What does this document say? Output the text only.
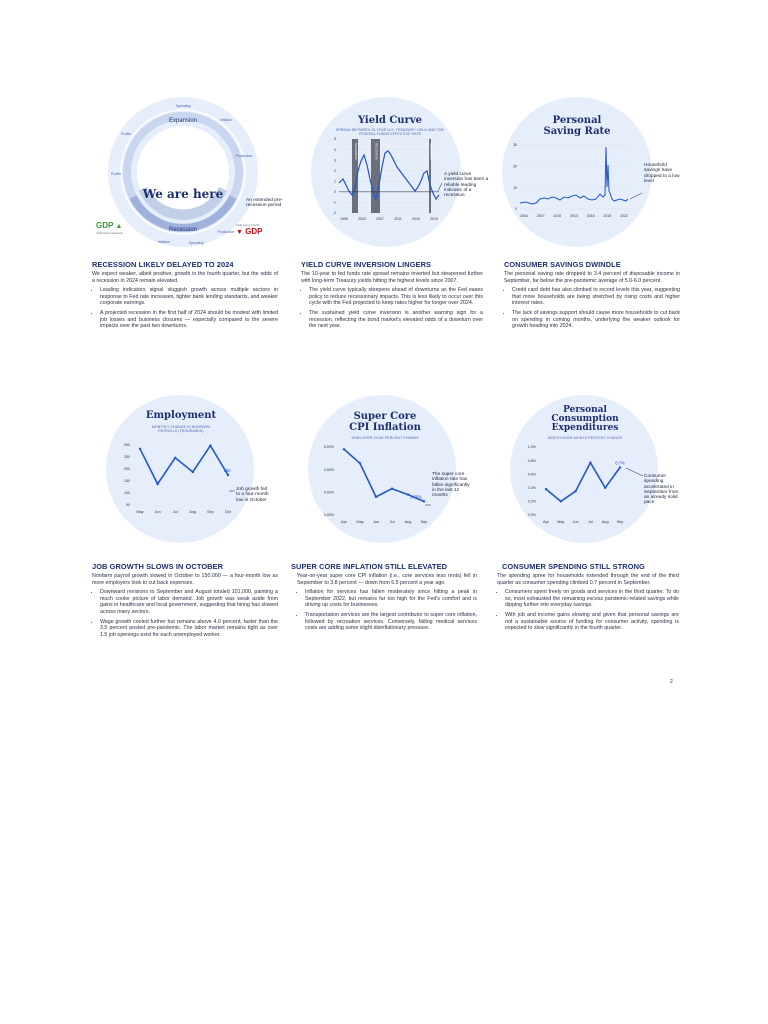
Expansion
Recession
Spending
Inflation
Production
Inflation	Spending
Production
Profits
Profits
We are here	An extended pre-recession period
GDP ▲
Yield Curve Steepens
Yield Curve Inverts
▼ GDP
Yield Curve
SPREAD BETWEEN 10-YEAR U.S. TREASURY YIELD AND THE FEDERAL FUNDS EFFECTIVE RATE
5
4
3
2
1
0
-1
-2
1999	2003	2007	2011	2015	2019
RECESSION	RECESSION	RECESSION
A yield curve inversion has been a reliable leading indicator of a recession
Personal
Saving Rate
35
20
10
0
2004	2007	2010	2013	2016	2019	2022
Household savings have dropped to a low level
RECESSION LIKELY DELAYED TO 2024

We expect weaker, albeit positive, growth in the fourth quarter, but the odds of a recession in 2024 remain elevated.

• Leading indicators signal sluggish growth across multiple sectors in response to Fed rate increases, tighter bank lending standards, and weaker corporate earnings.
• A projected recession in the first half of 2024 should be modest with limited job losses and business closures — especially compared to the severe impacts over the past two downturns.
YIELD CURVE INVERSION LINGERS

The 10-year to fed funds rate spread remains inverted but steepened further with long-term Treasury yields hitting the highest levels since 2007.

• The yield curve typically steepens ahead of downturns as the Fed eases policy to reduce recessionary impacts. This is less likely to occur over this cycle with the Fed projected to keep rates higher for longer over 2024.
• The sustained yield curve inversion is another warning sign for a recession, reflecting the bond market's elevated odds of a downturn over the next year.
CONSUMER SAVINGS DWINDLE

The personal saving rate dropped to 3.4 percent of disposable income in September, far below the pre-pandemic average of 5.0-6.0 percent.

• Credit card debt has also climbed to record levels this year, suggesting that more households are being stretched by rising costs and higher interest rates.
• The lack of savings support should cause more households to cut back on spending in coming months, underlying the weaker outlook for growth heading into 2024.
Employment
MONTHLY CHANGE IN NONFARM PAYROLLS (THOUSANDS)
300
250
200
150
100
50
May	Jun	Jul	Aug	Sep	Oct
150
Job growth fell to a four-month low in October
Super Core
CPI Inflation
YEAR-OVER-YEAR PERCENT CHANGE
5.00%
4.50%
4.00%
3.50%
Apr May Jun	Jul	Aug Sep
3.75%
The super core inflation rate has fallen significantly in the last 12 months
Personal
Consumption
Expenditures
MONTH-OVER-MONTH PERCENT CHANGE
1.0%
0.8%
0.6%
0.4%
0.2%
0.0%
Apr May Jun Jul Aug Sep
0.7%
Consumer spending accelerated in September from an already solid pace
JOB GROWTH SLOWS IN OCTOBER

Nonfarm payroll growth slowed in October to 150,000 — a four-month low as more employers look to cut back expenses.

• Downward revisions to September and August totaled 101,000, painting a much cooler picture of labor demand. Job growth was weak aside from gains in healthcare and local government, suggesting that hiring has slowed across many sectors.
• Wage growth cooled further but remains above 4.0 percent, faster than the 3.5 percent posted pre-pandemic. The labor market remains tight as over 1.5 job openings exist for each unemployed worker.
SUPER CORE INFLATION STILL ELEVATED

Year-on-year super core CPI inflation (i.e., core services less rents) fell in September to 3.8 percent — down from 6.5 percent a year ago.

• Inflation for services has fallen moderately since hitting a peak in September 2022, but remains far too high for the Fed's comfort and is driving up costs for businesses.
• Transportation services are the largest contributor to super core inflation, followed by recreation services. Conversely, falling medical services costs are adding some slight disinflationary pressure.
CONSUMER SPENDING STILL STRONG

The spending spree for households extended through the end of the third quarter as consumer spending climbed 0.7 percent in September.

• Consumers spent freely on goods and services in the third quarter. To do so, most exhausted the remaining excess pandemic-related savings while dipping further into everyday savings.
• With job and income gains slowing and given that personal savings are not a sustainable source of funding for consumer activity, spending is expected to slow significantly in the fourth quarter.
2
